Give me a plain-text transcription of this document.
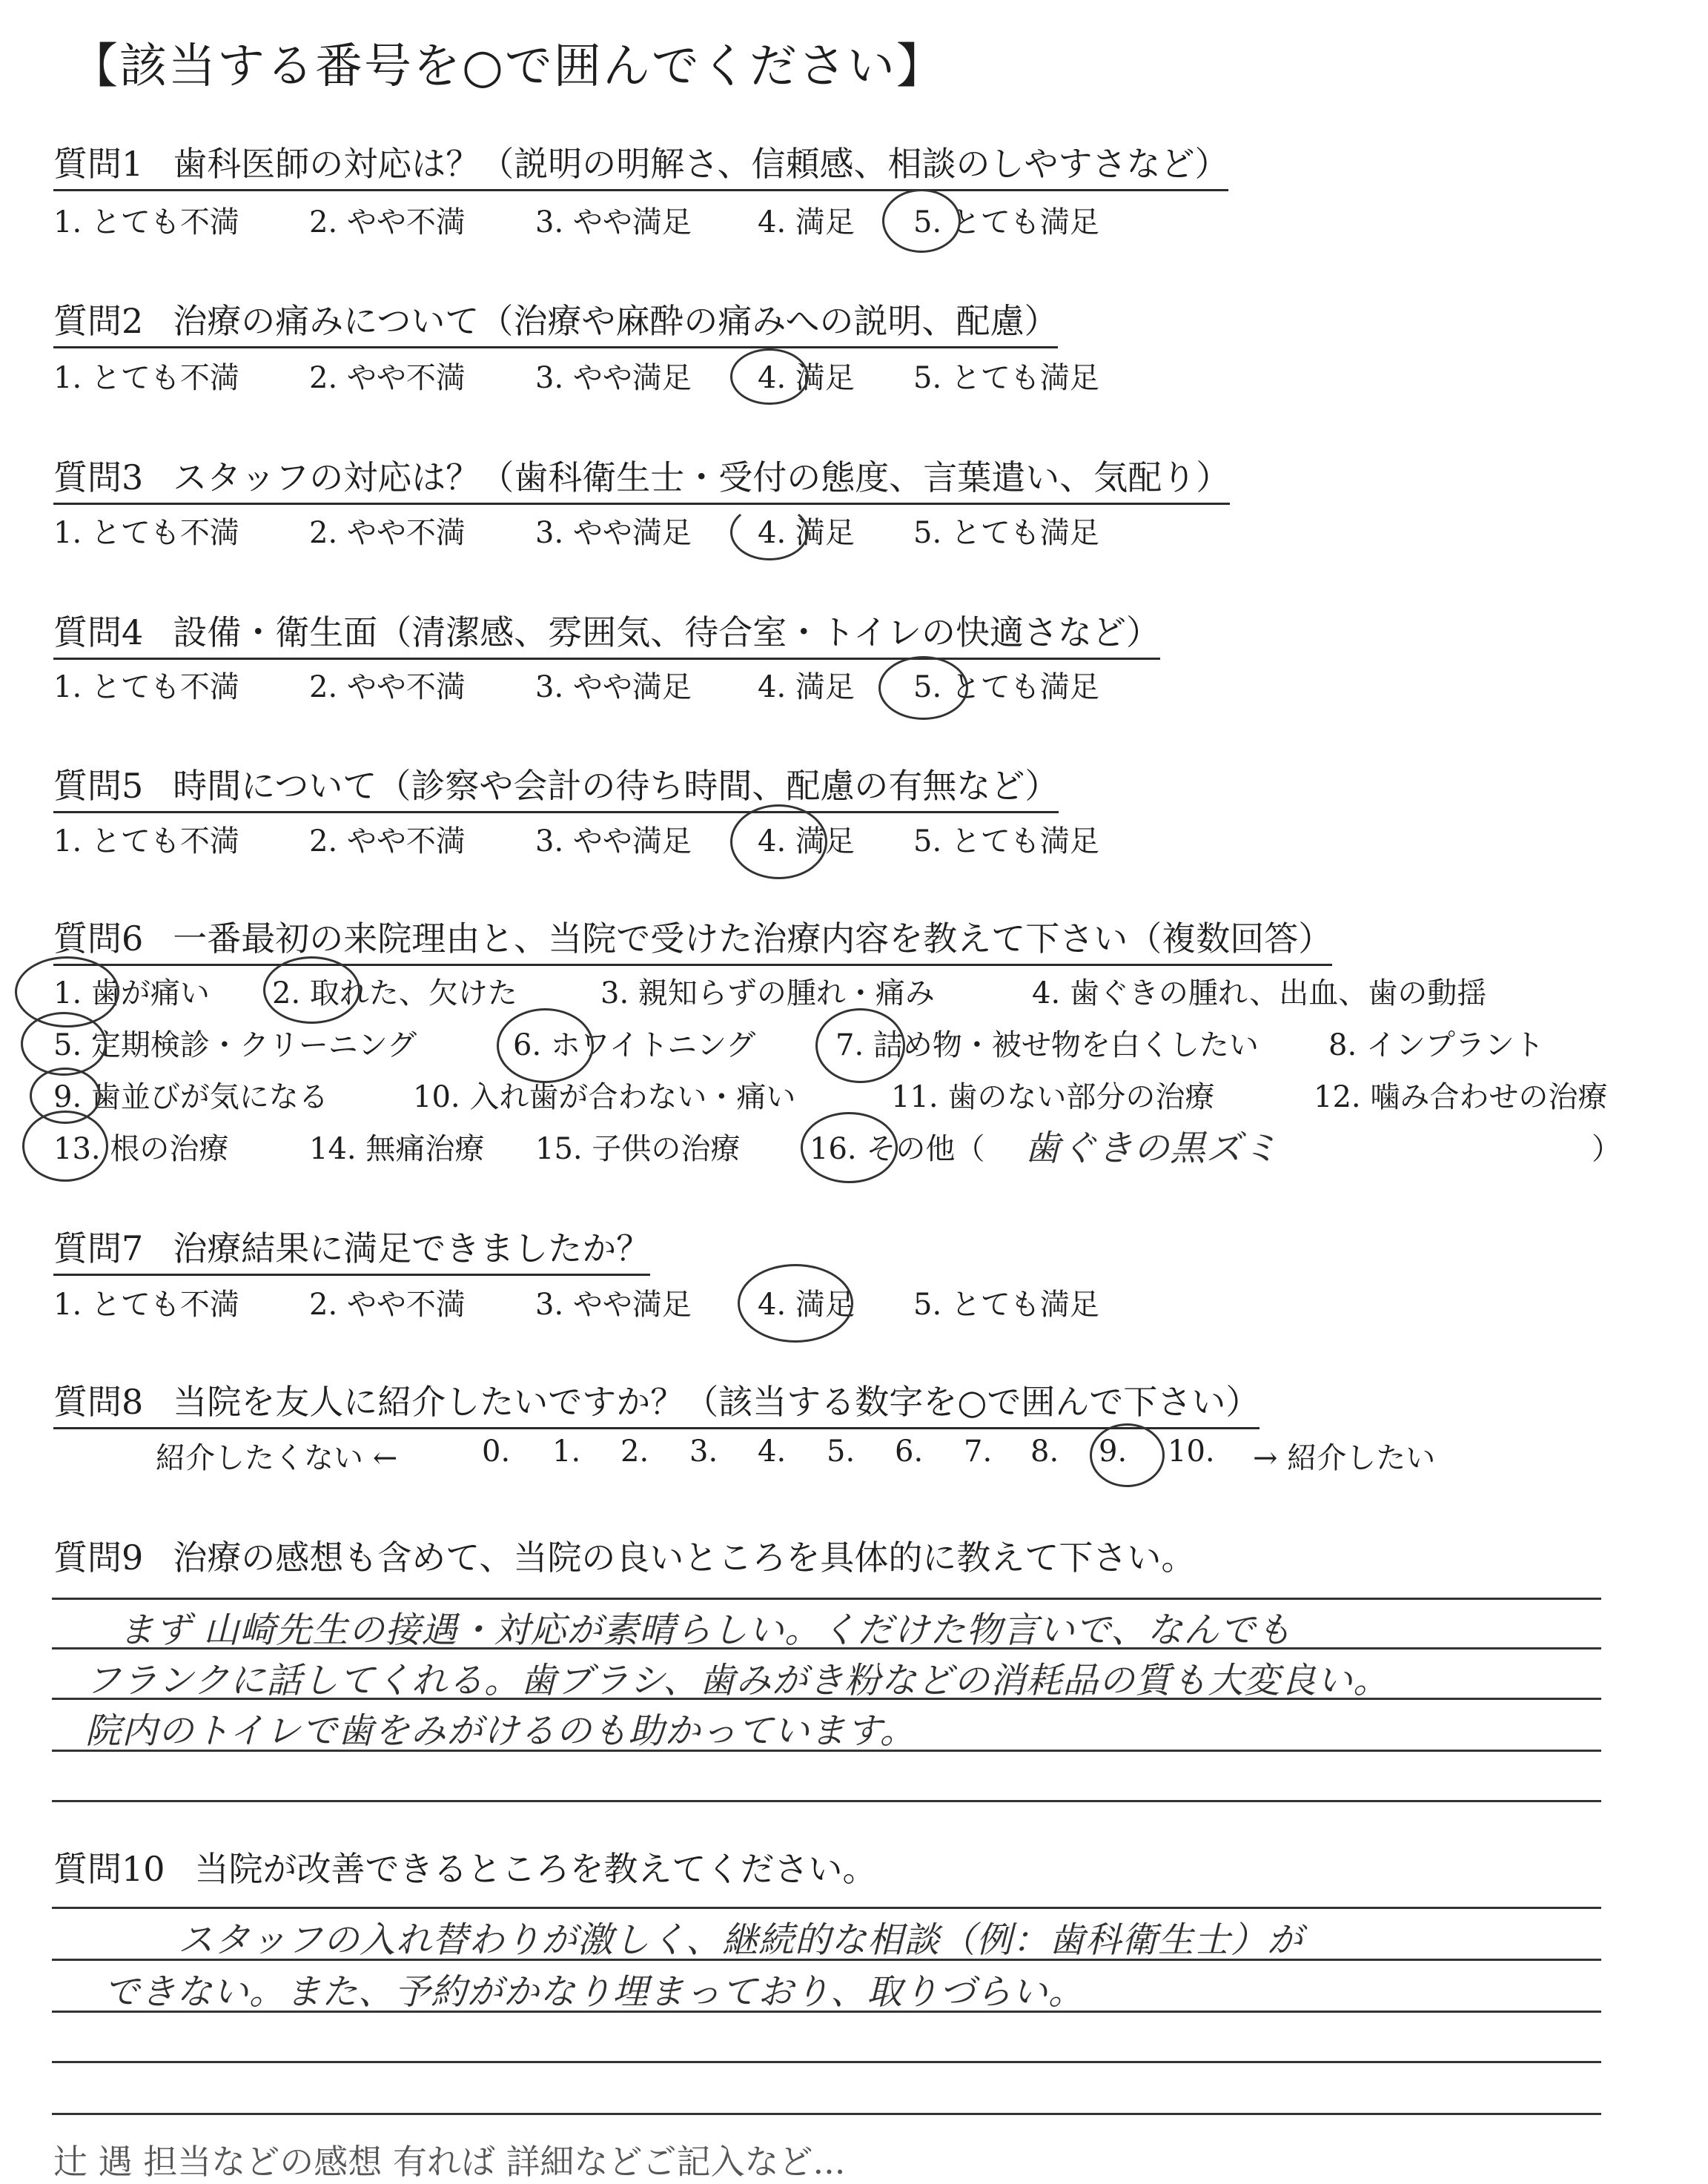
【該当する番号を○で囲んでください】
質問1 歯科医師の対応は？（説明の明解さ、信頼感、相談のしやすさなど）
1. とても不満 2. やや不満 3. やや満足 4. 満足 5. とても満足
質問2 治療の痛みについて（治療や麻酔の痛みへの説明、配慮）
1. とても不満 2. やや不満 3. やや満足 4. 満足 5. とても満足
質問3 スタッフの対応は？（歯科衛生士・受付の態度、言葉遣い、気配り）
1. とても不満 2. やや不満 3. やや満足 4. 満足 5. とても満足
質問4 設備・衛生面（清潔感、雰囲気、待合室・トイレの快適さなど）
1. とても不満 2. やや不満 3. やや満足 4. 満足 5. とても満足
質問5 時間について（診察や会計の待ち時間、配慮の有無など）
1. とても不満 2. やや不満 3. やや満足 4. 満足 5. とても満足
質問6 一番最初の来院理由と、当院で受けた治療内容を教えて下さい（複数回答）
1. 歯が痛い 2. 取れた、欠けた	3. 親知らずの腫れ・痛み	4. 歯ぐきの腫れ、出血、歯の動揺
5. 定期検診・クリーニング	6. ホワイトニング	7. 詰め物・被せ物を白くしたい 8. インプラント
9. 歯並びが気になる	10. 入れ歯が合わない・痛い	11. 歯のない部分の治療	12. 噛み合わせの治療
13. 根の治療	14. 無痛治療 15. 子供の治療 16. その他（ 歯ぐきの黒ズミ	）
質問7 治療結果に満足できましたか？
1. とても不満 2. やや不満 3. やや満足 4. 満足 5. とても満足
質問8 当院を友人に紹介したいですか？（該当する数字を○で囲んで下さい）
紹介したくない ←	0. 1. 2. 3. 4. 5. 6. 7. 8. 9. 10. → 紹介したい
質問9 治療の感想も含めて、当院の良いところを具体的に教えて下さい。
まず 山崎先生の接遇・対応が素晴らしい。くだけた物言いで、なんでも
フランクに話してくれる。歯ブラシ、歯みがき粉などの消耗品の質も大変良い。
院内のトイレで歯をみがけるのも助かっています。
質問10 当院が改善できるところを教えてください。
スタッフの入れ替わりが激しく、継続的な相談（例：歯科衛生士）が
できない。また、予約がかなり埋まっており、取りづらい。
辻 遇 担当などの感想 有れば 詳細などご記入など...
